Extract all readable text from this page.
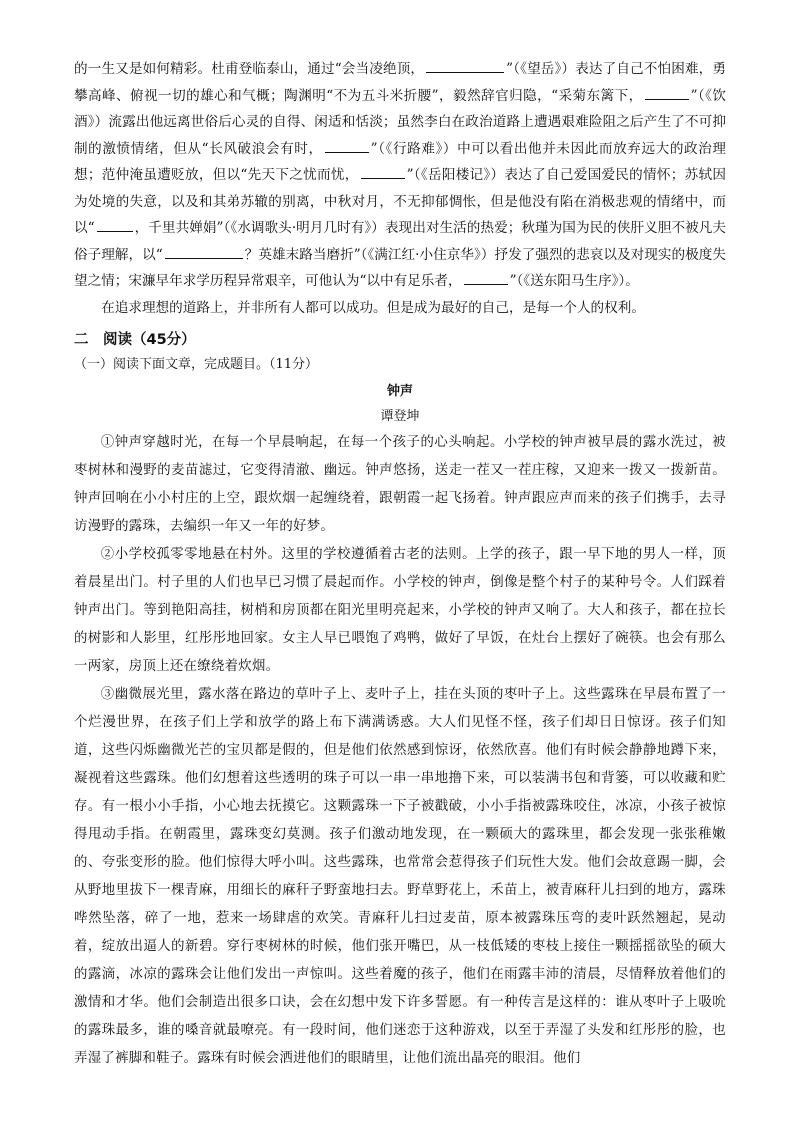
的一生又是如何精彩。杜甫登临泰山，通过“会当凌绝顶，	”（《望岳》）表达了自己不怕困难，勇攀高峰、俯视一切的雄心和气概；陶渊明“不为五斗米折腰”，毅然辞官归隐，“采菊东篱下，	”（《饮酒》）流露出他远离世俗后心灵的自得、闲适和恬淡；虽然李白在政治道路上遭遇艰难险阻之后产生了不可抑制的激愤情绪，但从“长风破浪会有时，	”（《行路难》）中可以看出他并未因此而放弃远大的政治理想；范仲淹虽遭贬放，但以“先天下之忧而忧，	”（《岳阳楼记》）表达了自己爱国爱民的情怀；苏轼因为处境的失意，以及和其弟苏辙的别离，中秋对月，不无抑郁惆怅，但是他没有陷在消极悲观的情绪中，而以“	，千里共婵娟”（《水调歌头·明月几时有》）表现出对生活的热爱；秋瑾为国为民的侠肝义胆不被凡夫俗子理解，以“	？英雄末路当磨折”（《满江红·小住京华》）抒发了强烈的悲哀以及对现实的极度失望之情；宋濂早年求学历程异常艰辛，可他认为“以中有足乐者，	”（《送东阳马生序》）。

在追求理想的道路上，并非所有人都可以成功。但是成为最好的自己，是每一个人的权利。

二　阅读（45分）

（一）阅读下面文章，完成题目。（11分）

钟声

谭登坤

①钟声穿越时光，在每一个早晨响起，在每一个孩子的心头响起。小学校的钟声被早晨的露水洗过，被枣树林和漫野的麦苗滤过，它变得清澈、幽远。钟声悠扬，送走一茬又一茬庄稼，又迎来一拨又一拨新苗。钟声回响在小小村庄的上空，跟炊烟一起缠绕着，跟朝霞一起飞扬着。钟声跟应声而来的孩子们携手，去寻访漫野的露珠，去编织一年又一年的好梦。

②小学校孤零零地悬在村外。这里的学校遵循着古老的法则。上学的孩子，跟一早下地的男人一样，顶着晨星出门。村子里的人们也早已习惯了晨起而作。小学校的钟声，倒像是整个村子的某种号令。人们踩着钟声出门。等到艳阳高挂，树梢和房顶都在阳光里明亮起来，小学校的钟声又响了。大人和孩子，都在拉长的树影和人影里，红彤彤地回家。女主人早已喂饱了鸡鸭，做好了早饭，在灶台上摆好了碗筷。也会有那么一两家，房顶上还在缭绕着炊烟。

③幽微展光里，露水落在路边的草叶子上、麦叶子上，挂在头顶的枣叶子上。这些露珠在早晨布置了一个烂漫世界，在孩子们上学和放学的路上布下满满诱惑。大人们见怪不怪，孩子们却日日惊讶。孩子们知道，这些闪烁幽微光芒的宝贝都是假的，但是他们依然感到惊讶，依然欣喜。他们有时候会静静地蹲下来，凝视着这些露珠。他们幻想着这些透明的珠子可以一串一串地撸下来，可以装满书包和背篓，可以收藏和贮存。有一根小小手指，小心地去抚摸它。这颗露珠一下子被戳破，小小手指被露珠咬住，冰凉，小孩子被惊得甩动手指。在朝霞里，露珠变幻莫测。孩子们激动地发现，在一颗硕大的露珠里，都会发现一张张稚嫩的、夸张变形的脸。他们惊得大呼小叫。这些露珠，也常常会惹得孩子们玩性大发。他们会故意踢一脚，会从野地里拔下一棵青麻，用细长的麻秆子野蛮地扫去。野草野花上，禾苗上，被青麻秆儿扫到的地方，露珠哗然坠落，碎了一地，惹来一场肆虐的欢笑。青麻秆儿扫过麦苗，原本被露珠压弯的麦叶跃然翘起，晃动着，绽放出逼人的新碧。穿行枣树林的时候，他们张开嘴巴，从一枝低矮的枣枝上接住一颗摇摇欲坠的硕大的露滴，冰凉的露珠会让他们发出一声惊叫。这些着魔的孩子，他们在雨露丰沛的清晨，尽情释放着他们的激情和才华。他们会制造出很多口诀，会在幻想中发下许多誓愿。有一种传言是这样的：谁从枣叶子上吸吮的露珠最多，谁的嗓音就最嘹亮。有一段时间，他们迷恋于这种游戏，以至于弄湿了头发和红彤彤的脸，也弄湿了裤脚和鞋子。露珠有时候会洒进他们的眼睛里，让他们流出晶亮的眼泪。他们
